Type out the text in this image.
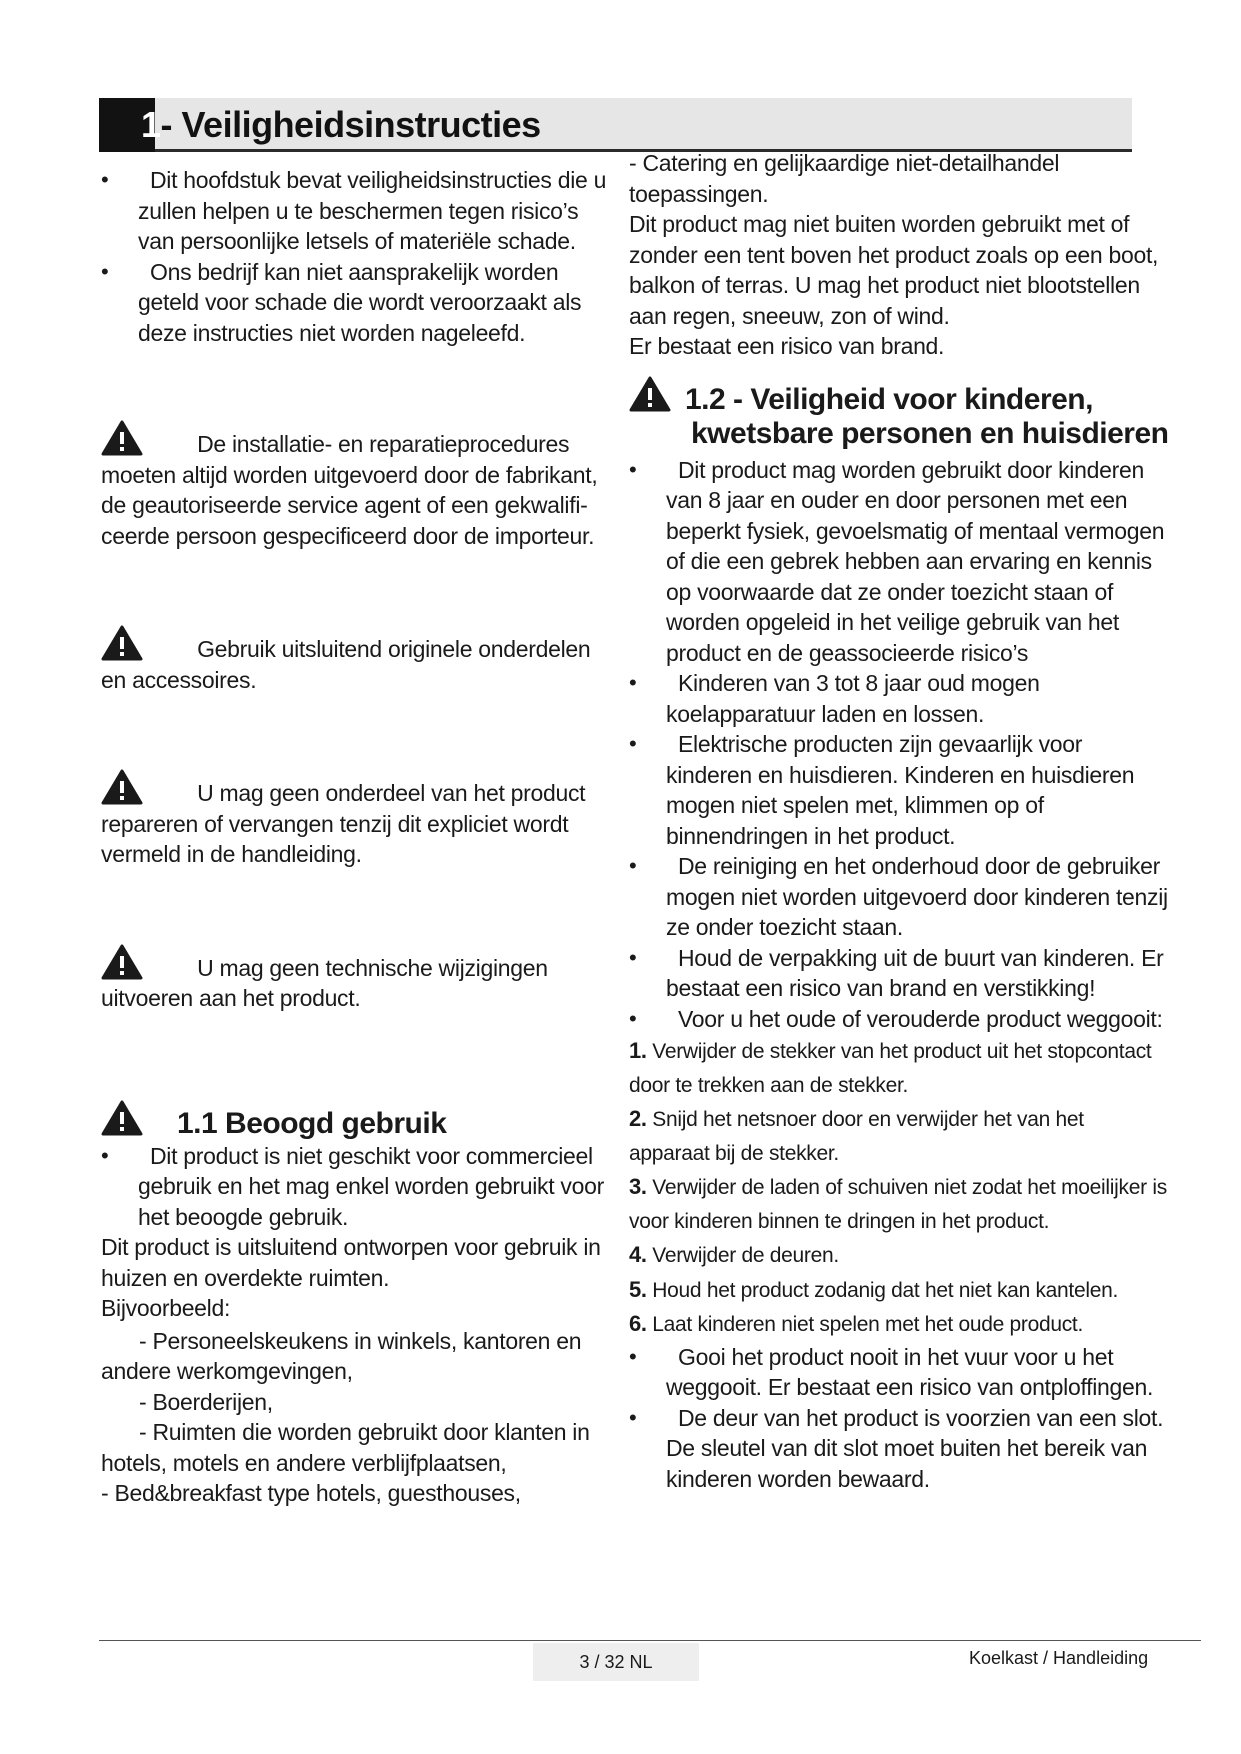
1- Veiligheidsinstructies
• Dit hoofdstuk bevat veiligheidsinstructies die u zullen helpen u te beschermen tegen risico’s van persoonlijke letsels of materiële schade.
• Ons bedrijf kan niet aansprakelijk worden geteld voor schade die wordt veroorzaakt als deze instructies niet worden nageleefd.
De installatie- en reparatieprocedures moeten altijd worden uitgevoerd door de fabrikant, de geautoriseerde service agent of een gekwalifi-ceerde persoon gespecificeerd door de importeur.
Gebruik uitsluitend originele onderdelen en accessoires.
U mag geen onderdeel van het product repareren of vervangen tenzij dit expliciet wordt vermeld in de handleiding.
U mag geen technische wijzigingen uitvoeren aan het product.
1.1 Beoogd gebruik
• Dit product is niet geschikt voor commercieel gebruik en het mag enkel worden gebruikt voor het beoogde gebruik.

Dit product is uitsluitend ontworpen voor gebruik in huizen en overdekte ruimten.

Bijvoorbeeld:

- Personeelskeukens in winkels, kantoren en andere werkomgevingen,

- Boerderijen,

- Ruimten die worden gebruikt door klanten in hotels, motels en andere verblijfplaatsen,

- Bed&breakfast type hotels, guesthouses,

- Catering en gelijkaardige niet-detailhandel toepassingen.

Dit product mag niet buiten worden gebruikt met of zonder een tent boven het product zoals op een boot, balkon of terras. U mag het product niet blootstellen aan regen, sneeuw, zon of wind.

Er bestaat een risico van brand.

1.2 - Veiligheid voor kinderen,
kwetsbare personen en huisdieren
• Dit product mag worden gebruikt door kinderen van 8 jaar en ouder en door personen met een beperkt fysiek, gevoelsmatig of mentaal vermogen of die een gebrek hebben aan ervaring en kennis op voorwaarde dat ze onder toezicht staan of worden opgeleid in het veilige gebruik van het product en de geassocieerde risico’s
• Kinderen van 3 tot 8 jaar oud mogen koelapparatuur laden en lossen.
• Elektrische producten zijn gevaarlijk voor kinderen en huisdieren. Kinderen en huisdieren mogen niet spelen met, klimmen op of binnendringen in het product.
• De reiniging en het onderhoud door de gebruiker mogen niet worden uitgevoerd door kinderen tenzij ze onder toezicht staan.
• Houd de verpakking uit de buurt van kinderen. Er bestaat een risico van brand en verstikking!
• Voor u het oude of verouderde product weggooit:

1. Verwijder de stekker van het product uit het stopcontact door te trekken aan de stekker.

2. Snijd het netsnoer door en verwijder het van het apparaat bij de stekker.

3. Verwijder de laden of schuiven niet zodat het moeilijker is voor kinderen binnen te dringen in het product.

4. Verwijder de deuren.

5. Houd het product zodanig dat het niet kan kantelen.

6. Laat kinderen niet spelen met het oude product.

• Gooi het product nooit in het vuur voor u het weggooit. Er bestaat een risico van ontploffingen.
• De deur van het product is voorzien van een slot. De sleutel van dit slot moet buiten het bereik van kinderen worden bewaard.
3 / 32 NL	Koelkast / Handleiding
